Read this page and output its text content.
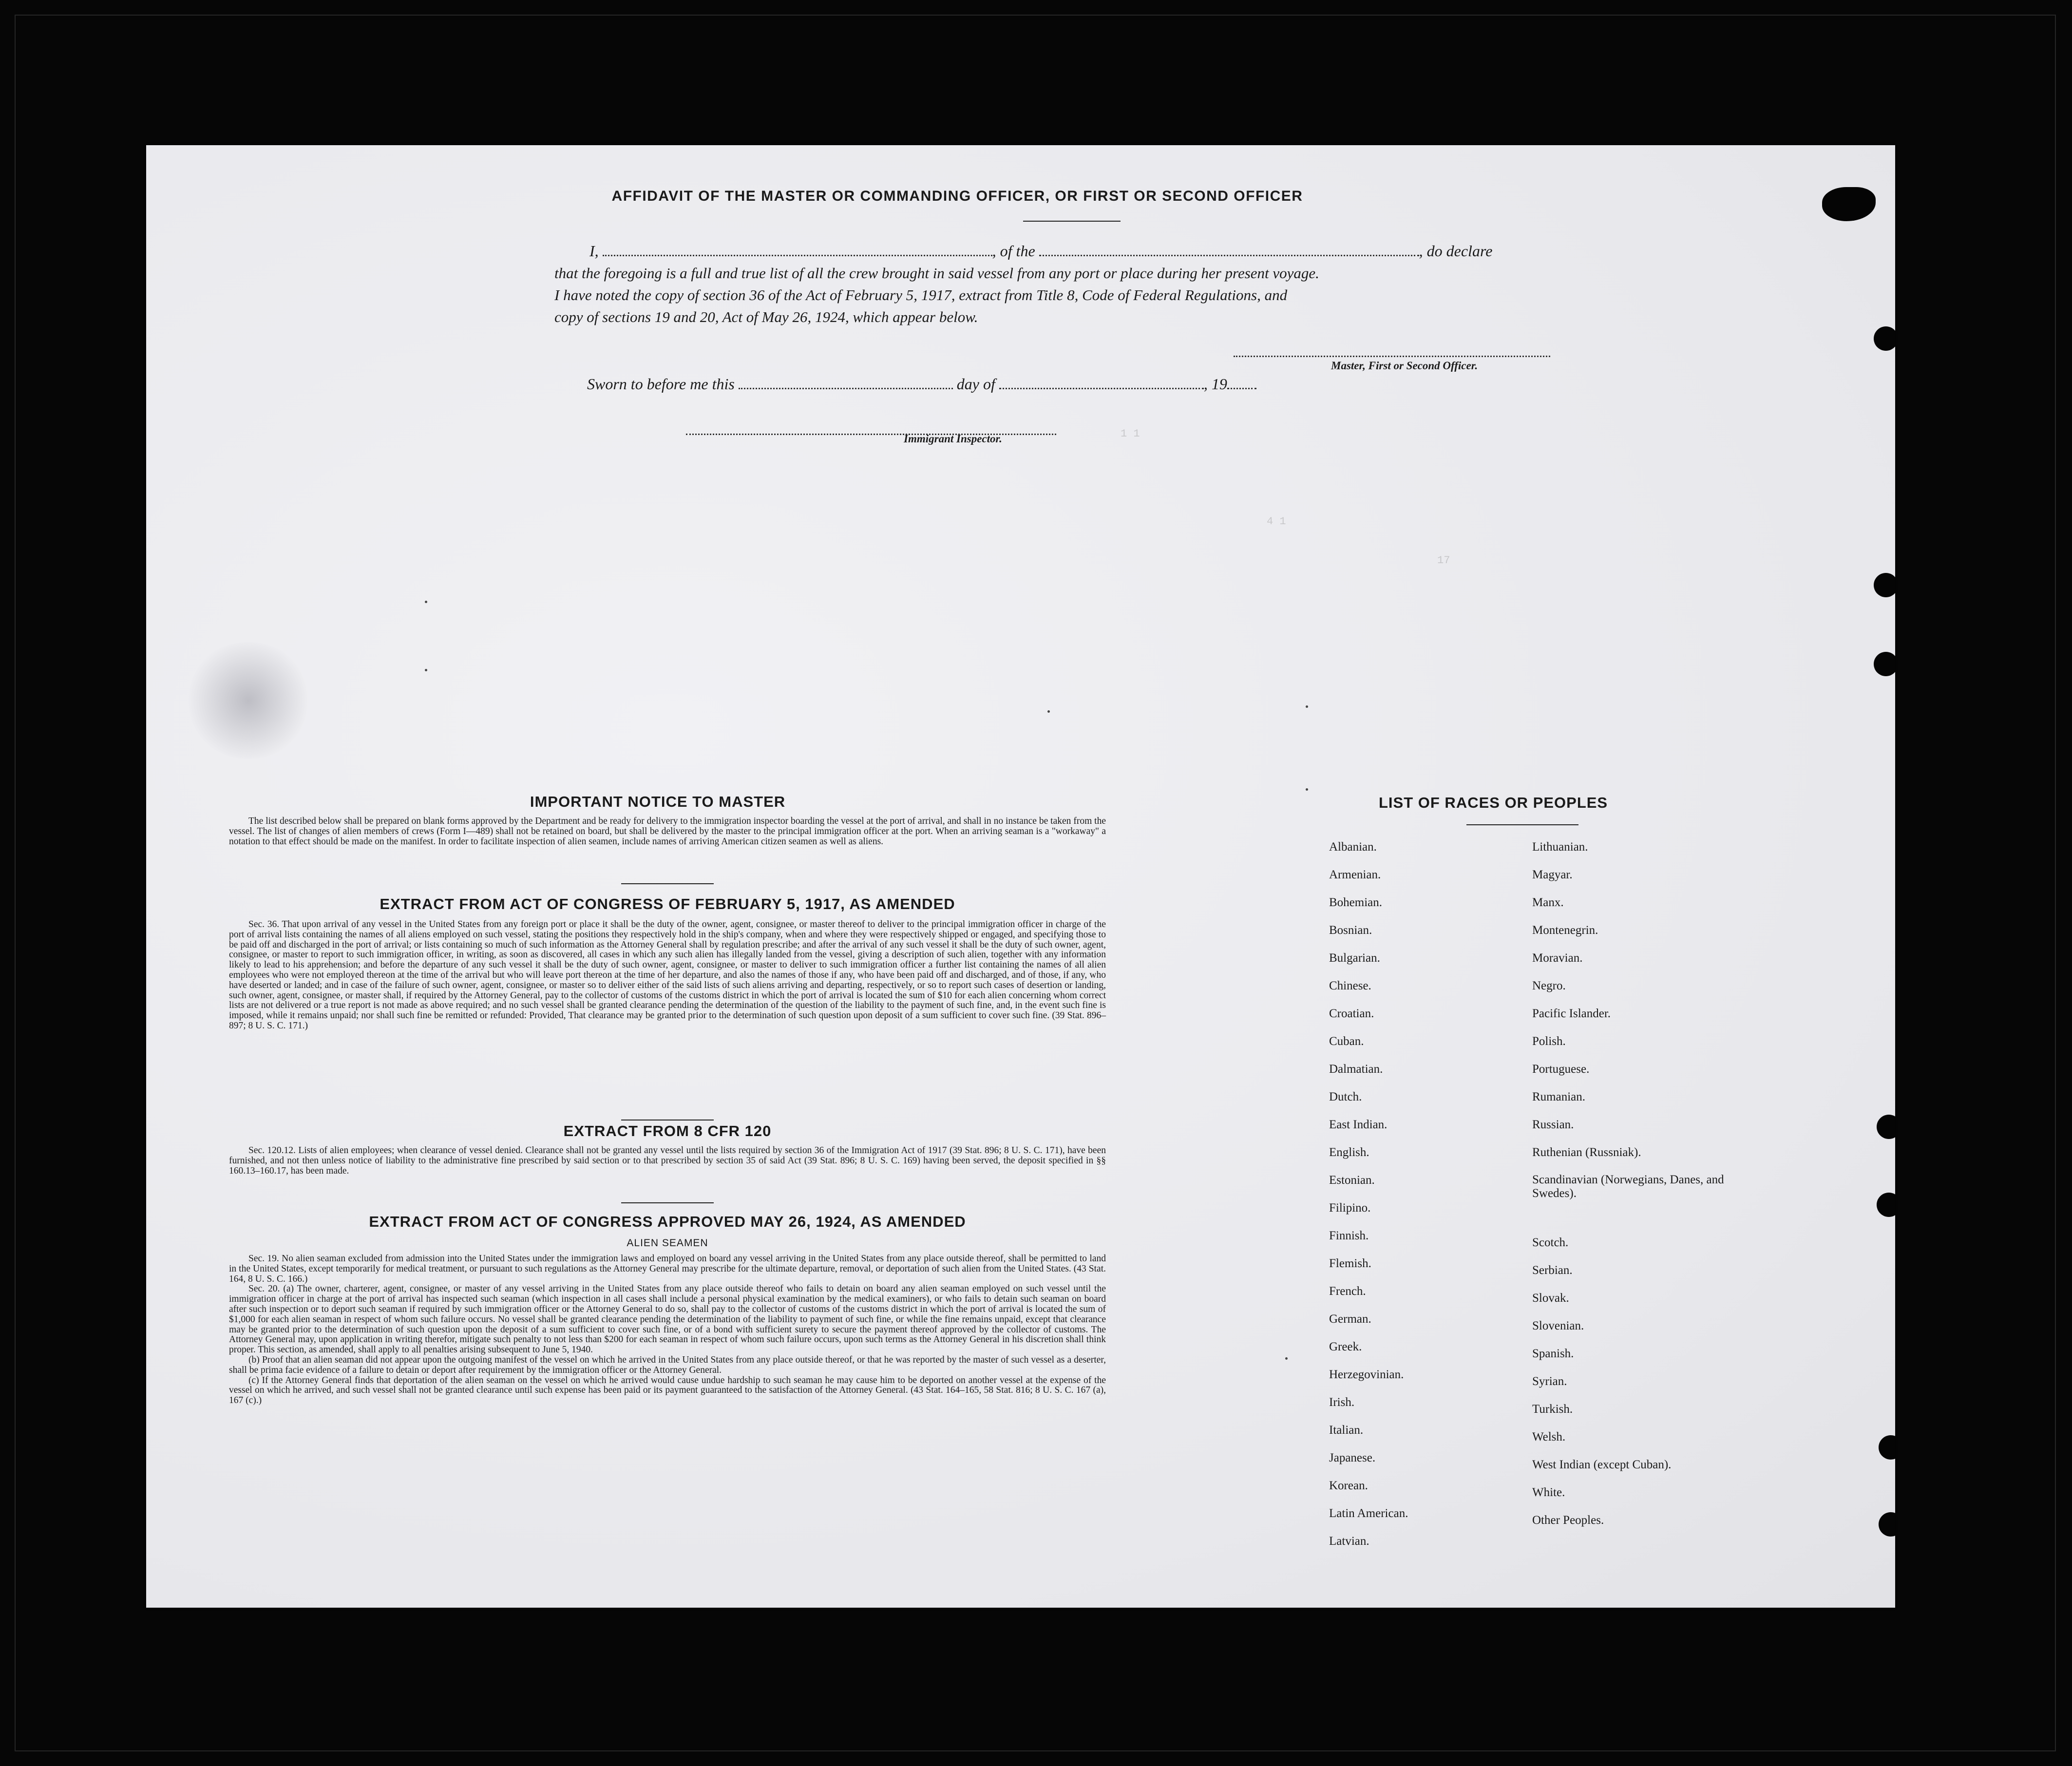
1 1
4 1
17
AFFIDAVIT OF THE MASTER OR COMMANDING OFFICER, OR FIRST OR SECOND OFFICER
I,	, of the	, do declare
that the foregoing is a full and true list of all the crew brought in said vessel from any port or place during her present voyage.
I have noted the copy of section 36 of the Act of February 5, 1917, extract from Title 8, Code of Federal Regulations, and
copy of sections 19 and 20, Act of May 26, 1924, which appear below.
Master, First or Second Officer.
Sworn to before me this	day of	, 19
Immigrant Inspector.
IMPORTANT NOTICE TO MASTER

The list described below shall be prepared on blank forms approved by the Department and be ready for delivery to the immigration inspector boarding the vessel at the port of arrival, and shall in no instance be taken from the vessel. The list of changes of alien members of crews (Form I—489) shall not be retained on board, but shall be delivered by the master to the principal immigration officer at the port. When an arriving seaman is a "workaway" a notation to that effect should be made on the manifest. In order to facilitate inspection of alien seamen, include names of arriving American citizen seamen as well as aliens.

EXTRACT FROM ACT OF CONGRESS OF FEBRUARY 5, 1917, AS AMENDED

Sec. 36. That upon arrival of any vessel in the United States from any foreign port or place it shall be the duty of the owner, agent, consignee, or master thereof to deliver to the principal immigration officer in charge of the port of arrival lists containing the names of all aliens employed on such vessel, stating the positions they respectively hold in the ship's company, when and where they were respectively shipped or engaged, and specifying those to be paid off and discharged in the port of arrival; or lists containing so much of such information as the Attorney General shall by regulation prescribe; and after the arrival of any such vessel it shall be the duty of such owner, agent, consignee, or master to report to such immigration officer, in writing, as soon as discovered, all cases in which any such alien has illegally landed from the vessel, giving a description of such alien, together with any information likely to lead to his apprehension; and before the departure of any such vessel it shall be the duty of such owner, agent, consignee, or master to deliver to such immigration officer a further list containing the names of all alien employees who were not employed thereon at the time of the arrival but who will leave port thereon at the time of her departure, and also the names of those if any, who have been paid off and discharged, and of those, if any, who have deserted or landed; and in case of the failure of such owner, agent, consignee, or master so to deliver either of the said lists of such aliens arriving and departing, respectively, or so to report such cases of desertion or landing, such owner, agent, consignee, or master shall, if required by the Attorney General, pay to the collector of customs of the customs district in which the port of arrival is located the sum of $10 for each alien concerning whom correct lists are not delivered or a true report is not made as above required; and no such vessel shall be granted clearance pending the determination of the question of the liability to the payment of such fine, and, in the event such fine is imposed, while it remains unpaid; nor shall such fine be remitted or refunded: Provided, That clearance may be granted prior to the determination of such question upon deposit of a sum sufficient to cover such fine. (39 Stat. 896–897; 8 U. S. C. 171.)

EXTRACT FROM 8 CFR 120

Sec. 120.12. Lists of alien employees; when clearance of vessel denied. Clearance shall not be granted any vessel until the lists required by section 36 of the Immigration Act of 1917 (39 Stat. 896; 8 U. S. C. 171), have been furnished, and not then unless notice of liability to the administrative fine prescribed by said section or to that prescribed by section 35 of said Act (39 Stat. 896; 8 U. S. C. 169) having been served, the deposit specified in §§ 160.13–160.17, has been made.

EXTRACT FROM ACT OF CONGRESS APPROVED MAY 26, 1924, AS AMENDED
ALIEN SEAMEN

Sec. 19. No alien seaman excluded from admission into the United States under the immigration laws and employed on board any vessel arriving in the United States from any place outside thereof, shall be permitted to land in the United States, except temporarily for medical treatment, or pursuant to such regulations as the Attorney General may prescribe for the ultimate departure, removal, or deportation of such alien from the United States. (43 Stat. 164, 8 U. S. C. 166.)

Sec. 20. (a) The owner, charterer, agent, consignee, or master of any vessel arriving in the United States from any place outside thereof who fails to detain on board any alien seaman employed on such vessel until the immigration officer in charge at the port of arrival has inspected such seaman (which inspection in all cases shall include a personal physical examination by the medical examiners), or who fails to detain such seaman on board after such inspection or to deport such seaman if required by such immigration officer or the Attorney General to do so, shall pay to the collector of customs of the customs district in which the port of arrival is located the sum of $1,000 for each alien seaman in respect of whom such failure occurs. No vessel shall be granted clearance pending the determination of the liability to payment of such fine, or while the fine remains unpaid, except that clearance may be granted prior to the determination of such question upon the deposit of a sum sufficient to cover such fine, or of a bond with sufficient surety to secure the payment thereof approved by the collector of customs. The Attorney General may, upon application in writing therefor, mitigate such penalty to not less than $200 for each seaman in respect of whom such failure occurs, upon such terms as the Attorney General in his discretion shall think proper. This section, as amended, shall apply to all penalties arising subsequent to June 5, 1940.

(b) Proof that an alien seaman did not appear upon the outgoing manifest of the vessel on which he arrived in the United States from any place outside thereof, or that he was reported by the master of such vessel as a deserter, shall be prima facie evidence of a failure to detain or deport after requirement by the immigration officer or the Attorney General.

(c) If the Attorney General finds that deportation of the alien seaman on the vessel on which he arrived would cause undue hardship to such seaman he may cause him to be deported on another vessel at the expense of the vessel on which he arrived, and such vessel shall not be granted clearance until such expense has been paid or its payment guaranteed to the satisfaction of the Attorney General. (43 Stat. 164–165, 58 Stat. 816; 8 U. S. C. 167 (a), 167 (c).)

LIST OF RACES OR PEOPLES
Albanian.
Armenian.
Bohemian.
Bosnian.
Bulgarian.
Chinese.
Croatian.
Cuban.
Dalmatian.
Dutch.
East Indian.
English.
Estonian.
Filipino.
Finnish.
Flemish.
French.
German.
Greek.
Herzegovinian.
Irish.
Italian.
Japanese.
Korean.
Latin American.
Latvian.
Lithuanian.
Magyar.
Manx.
Montenegrin.
Moravian.
Negro.
Pacific Islander.
Polish.
Portuguese.
Rumanian.
Russian.
Ruthenian (Russniak).
Scandinavian (Norwegians, Danes, and Swedes).
Scotch.
Serbian.
Slovak.
Slovenian.
Spanish.
Syrian.
Turkish.
Welsh.
West Indian (except Cuban).
White.
Other Peoples.
